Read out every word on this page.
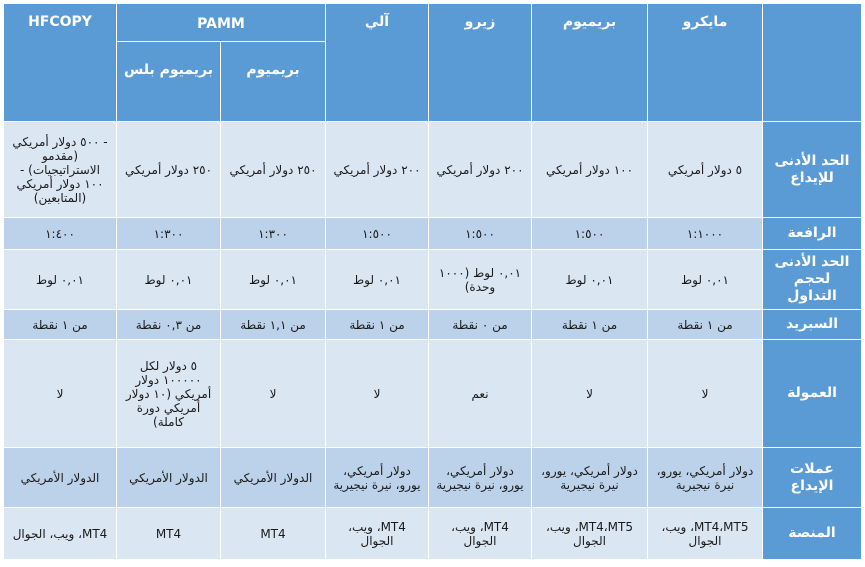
HFCOPY	PAMM		آلي	زيرو	بريميوم	مايكرو	
	بريميوم بلس	بريميوم					
- ٥٠٠ دولار أمريكي (مقدمو الاستراتيجيات) - ١٠٠ دولار أمريكي (المتابعين)	٢٥٠ دولار أمريكي	٢٥٠ دولار أمريكي	٢٠٠ دولار أمريكي	٢٠٠ دولار أمريكي	١٠٠ دولار أمريكي	٥ دولار أمريكي	الحد الأدنى للإيداع
١:٤٠٠	١:٣٠٠	١:٣٠٠	١:٥٠٠	١:٥٠٠	١:٥٠٠	١:١٠٠٠	الرافعة
٠,٠١ لوط	٠,٠١ لوط	٠,٠١ لوط	٠,٠١ لوط	٠,٠١ لوط (١٠٠٠ وحدة)	٠,٠١ لوط	٠,٠١ لوط	الحد الأدنى لحجم التداول
من ١ نقطة	من ٠,٣ نقطة	من ١,١ نقطة	من ١ نقطة	من ٠ نقطة	من ١ نقطة	من ١ نقطة	السبريد
لا	٥ دولار لكل ١٠٠٠٠٠ دولار أمريكي (١٠ دولار أمريكي دورة كاملة)	لا	لا	نعم	لا	لا	العمولة
الدولار الأمريكي	الدولار الأمريكي	الدولار الأمريكي	دولار أمريكي، يورو، نيرة نيجيرية	دولار أمريكي، يورو، نيرة نيجيرية	دولار أمريكي، يورو، نيرة نيجيرية	دولار أمريكي، يورو، نيرة نيجيرية	عملات الإيداع
MT4، ويب، الجوال	MT4	MT4	MT4، ويب، الجوال	MT4، ويب، الجوال	MT4،MT5، ويب، الجوال	MT4،MT5، ويب، الجوال	المنصة
